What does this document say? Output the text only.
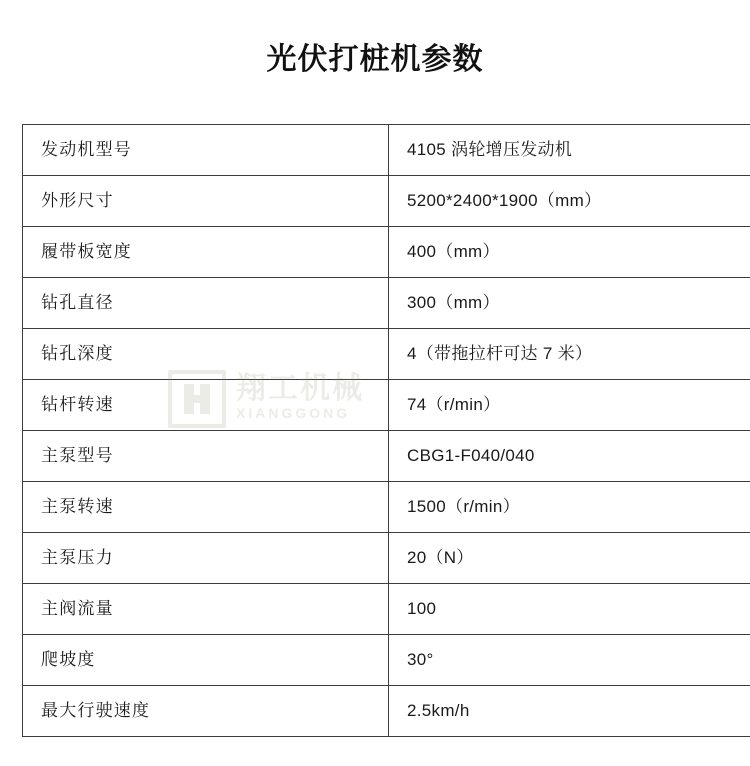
光伏打桩机参数
发动机型号	4105 涡轮增压发动机
外形尺寸	5200*2400*1900（mm）
履带板宽度	400（mm）
钻孔直径	300（mm）
钻孔深度	4（带拖拉杆可达 7 米）
钻杆转速	74（r/min）
主泵型号	CBG1-F040/040
主泵转速	1500（r/min）
主泵压力	20（N）
主阀流量	100
爬坡度	30°
最大行驶速度	2.5km/h
翔工机械
XIANGGONG
